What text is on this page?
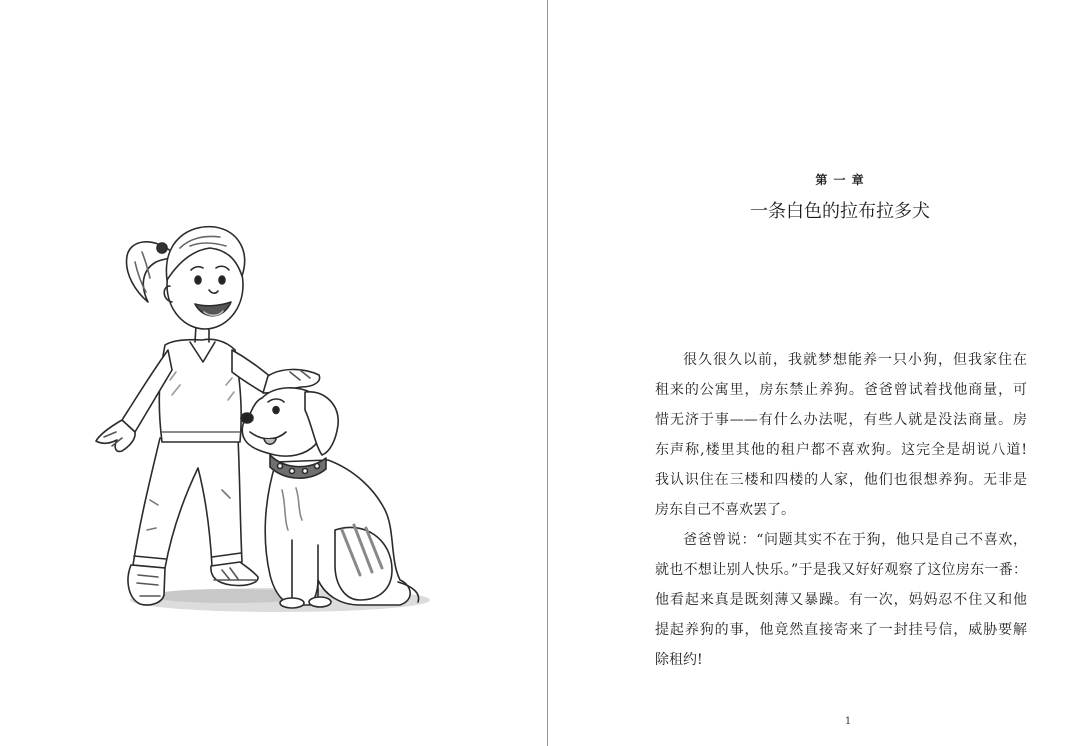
第 一 章
一条白色的拉布拉多犬
很久很久以前，我就梦想能养一只小狗，但我家住在
租来的公寓里，房东禁止养狗。爸爸曾试着找他商量，可
惜无济于事——有什么办法呢，有些人就是没法商量。房
东声称,楼里其他的租户都不喜欢狗。这完全是胡说八道!
我认识住在三楼和四楼的人家，他们也很想养狗。无非是
房东自己不喜欢罢了。
爸爸曾说：“问题其实不在于狗，他只是自己不喜欢，
就也不想让别人快乐。”于是我又好好观察了这位房东一番：
他看起来真是既刻薄又暴躁。有一次，妈妈忍不住又和他
提起养狗的事，他竟然直接寄来了一封挂号信，威胁要解
除租约!
1
